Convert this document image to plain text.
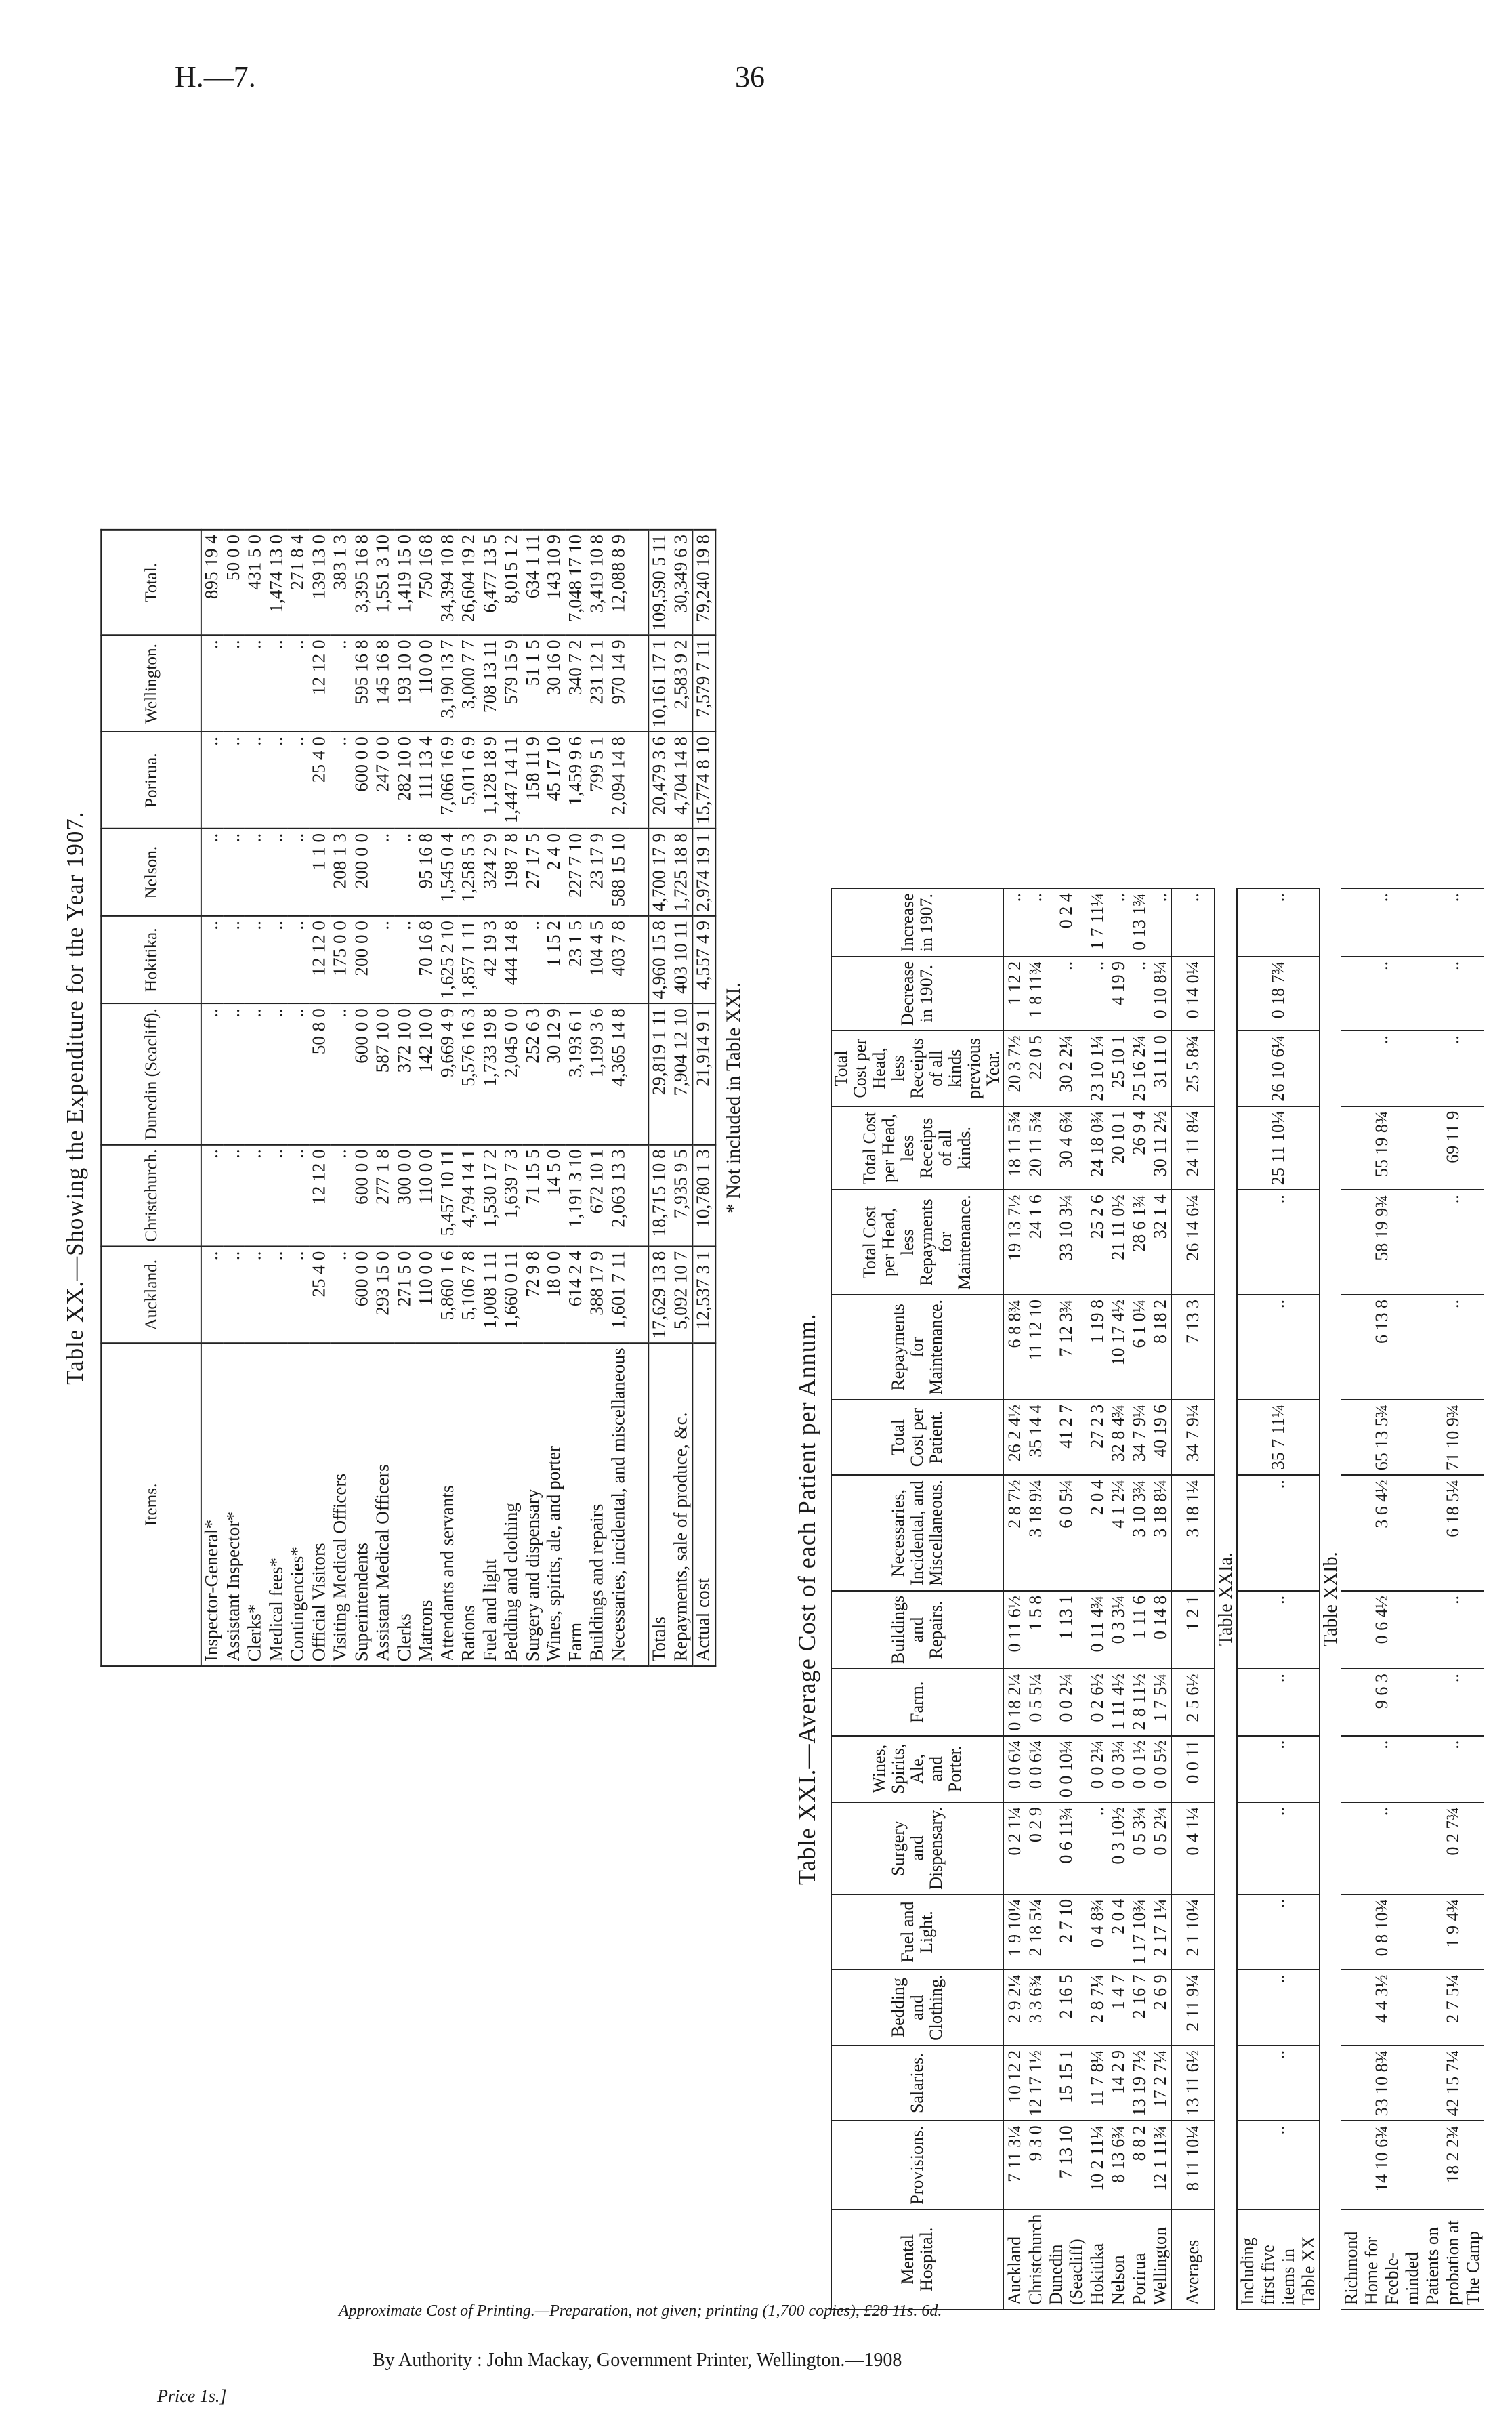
H.—7.	36
Table XX.—Showing the Expenditure for the Year 1907.
Items.	Auckland.	Christchurch.	Dunedin (Seacliff).	Hokitika.	Nelson.	Porirua.	Wellington.	Total.
Inspector-General*	..	..	..	..	..	..	..	895 19 4
Assistant Inspector*	..	..	..	..	..	..	..	50 0 0
Clerks*	..	..	..	..	..	..	..	431 5 0
Medical fees*	..	..	..	..	..	..	..	1,474 13 0
Contingencies*	..	..	..	..	..	..	..	271 8 4
Official Visitors	25 4 0	12 12 0	50 8 0	12 12 0	1 1 0	25 4 0	12 12 0	139 13 0
Visiting Medical Officers	..	..	..	175 0 0	208 1 3	..	..	383 1 3
Superintendents	600 0 0	600 0 0	600 0 0	200 0 0	200 0 0	600 0 0	595 16 8	3,395 16 8
Assistant Medical Officers	293 15 0	277 1 8	587 10 0	..	..	247 0 0	145 16 8	1,551 3 10
Clerks	271 5 0	300 0 0	372 10 0	..	..	282 10 0	193 10 0	1,419 15 0
Matrons	110 0 0	110 0 0	142 10 0	70 16 8	95 16 8	111 13 4	110 0 0	750 16 8
Attendants and servants	5,860 1 6	5,457 10 11	9,669 4 9	1,625 2 10	1,545 0 4	7,066 16 9	3,190 13 7	34,394 10 8
Rations	5,106 7 8	4,794 14 1	5,576 16 3	1,857 1 11	1,258 5 3	5,011 6 9	3,000 7 7	26,604 19 2
Fuel and light	1,008 1 11	1,530 17 2	1,733 19 8	42 19 3	324 2 9	1,128 18 9	708 13 11	6,477 13 5
Bedding and clothing	1,660 0 11	1,639 7 3	2,045 0 0	444 14 8	198 7 8	1,447 14 11	579 15 9	8,015 1 2
Surgery and dispensary	72 9 8	71 15 5	252 6 3	..	27 17 5	158 11 9	51 1 5	634 1 11
Wines, spirits, ale, and porter	18 0 0	14 5 0	30 12 9	1 15 2	2 4 0	45 17 10	30 16 0	143 10 9
Farm	614 2 4	1,191 3 10	3,193 6 1	23 1 5	227 7 10	1,459 9 6	340 7 2	7,048 17 10
Buildings and repairs	388 17 9	672 10 1	1,199 3 6	104 4 5	23 17 9	799 5 1	231 12 1	3,419 10 8
Necessaries, incidental, and miscellaneous	1,601 7 11	2,063 13 3	4,365 14 8	403 7 8	588 15 10	2,094 14 8	970 14 9	12,088 8 9

Totals	17,629 13 8	18,715 10 8	29,819 1 11	4,960 15 8	4,700 17 9	20,479 3 6	10,161 17 1	109,590 5 11
Repayments, sale of produce, &c.	5,092 10 7	7,935 9 5	7,904 12 10	403 10 11	1,725 18 8	4,704 14 8	2,583 9 2	30,349 6 3
Actual cost	12,537 3 1	10,780 1 3	21,914 9 1	4,557 4 9	2,974 19 1	15,774 8 10	7,579 7 11	79,240 19 8
* Not included in Table XXI.
Table XXI.—Average Cost of each Patient per Annum.
Mental Hospital.	Provisions.	Salaries.	Bedding and Clothing.	Fuel and Light.	Surgery and Dispensary.	Wines, Spirits, Ale, and Porter.	Farm.	Buildings and Repairs.	Necessaries, Incidental, and Miscellaneous.	Total Cost per Patient.	Repayments for Maintenance.	Total Cost per Head, less Repayments for Maintenance.	Total Cost per Head, less Receipts of all kinds.	Total Cost per Head, less Receipts of all kinds previous Year.	Decrease in 1907.	Increase in 1907.
Auckland	7 11 3¼	10 12 2	2 9 2¼	1 9 10¼	0 2 1¼	0 0 6¼	0 18 2¼	0 11 6½	2 8 7½	26 2 4½	6 8 8¾	19 13 7½	18 11 5¾	20 3 7½	1 12 2	..
Christchurch	9 3 0	12 17 1½	3 3 6¾	2 18 5¼	0 2 9	0 0 6¼	0 5 5¼	1 5 8	3 18 9¼	35 14 4	11 12 10	24 1 6	20 11 5¾	22 0 5	1 8 11¾	..
Dunedin (Seacliff)	7 13 10	15 15 1	2 16 5	2 7 10	0 6 11¾	0 0 10¼	0 0 2¼	1 13 1	6 0 5¼	41 2 7	7 12 3¾	33 10 3¼	30 4 6¾	30 2 2¼	..	0 2 4
Hokitika	10 2 11¼	11 7 8¼	2 8 7¼	0 4 8¾	..	0 0 2¼	0 2 6½	0 11 4¾	2 0 4	27 2 3	1 19 8	25 2 6	24 18 0¾	23 10 1¼	..	1 7 11¼
Nelson	8 13 6¾	14 2 9	1 4 7	2 0 4	0 3 10½	0 0 3¼	1 11 4½	0 3 3¼	4 1 2¼	32 8 4¾	10 17 4½	21 11 0½	20 10 1	25 10 1	4 19 9	..
Porirua	8 8 2	13 19 7½	2 16 7	1 17 10¾	0 5 3¼	0 0 1½	2 8 11½	1 11 6	3 10 3¾	34 7 9¼	6 1 0¼	28 6 1¾	26 9 4	25 16 2¼	..	0 13 1¾
Wellington	12 1 11¾	17 2 7¼	2 6 9	2 17 1¼	0 5 2¼	0 0 5½	1 7 5¼	0 14 8	3 18 8¼	40 19 6	8 18 2	32 1 4	30 11 2½	31 11 0	0 10 8¼	..
Averages	8 11 10¼	13 11 6½	2 11 9¼	2 1 10¼	0 4 1¼	0 0 11	2 5 6½	1 2 1	3 18 1¼	34 7 9¼	7 13 3	26 14 6¼	24 11 8¼	25 5 8¾	0 14 0¼	..
Table XXIa.																
Including first five items in Table XX	..	..	..	..	..	..	..	..	..	35 7 11¼	..	..	25 11 10¼	26 10 6¼	0 18 7¾	..
Table XXIb.																
Richmond Home for Feeble-minded	14 10 6¾	33 10 8¾	4 4 3½	0 8 10¾	..	..	9 6 3	0 6 4½	3 6 4½	65 13 5¾	6 13 8	58 19 9¾	55 19 8¾	..	..	..
Patients on probation at The Camp	18 2 2¾	42 15 7¼	2 7 5¼	1 9 4¾	0 2 7¾	..	..	..	6 18 5¼	71 10 9¾	..	..	69 11 9	..	..	..
Approximate Cost of Printing.—Preparation, not given; printing (1,700 copies), £28 11s. 6d.
By Authority : John Mackay, Government Printer, Wellington.—1908
Price 1s.]
